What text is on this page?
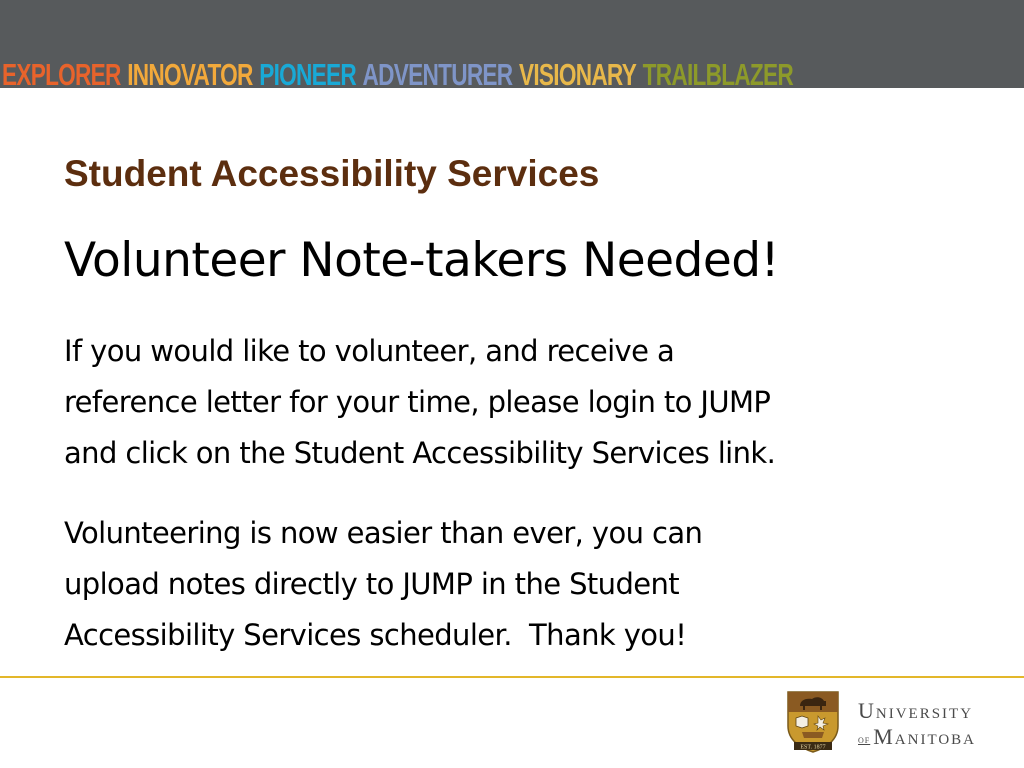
EXPLORER INNOVATOR PIONEER ADVENTURER VISIONARY TRAILBLAZER
Student Accessibility Services
Volunteer Note-takers Needed!

If you would like to volunteer, and receive a
reference letter for your time, please login to JUMP
and click on the Student Accessibility Services link.

Volunteering is now easier than ever, you can
upload notes directly to JUMP in the Student
Accessibility Services scheduler.  Thank you!

EST. 1877
University
of Manitoba
